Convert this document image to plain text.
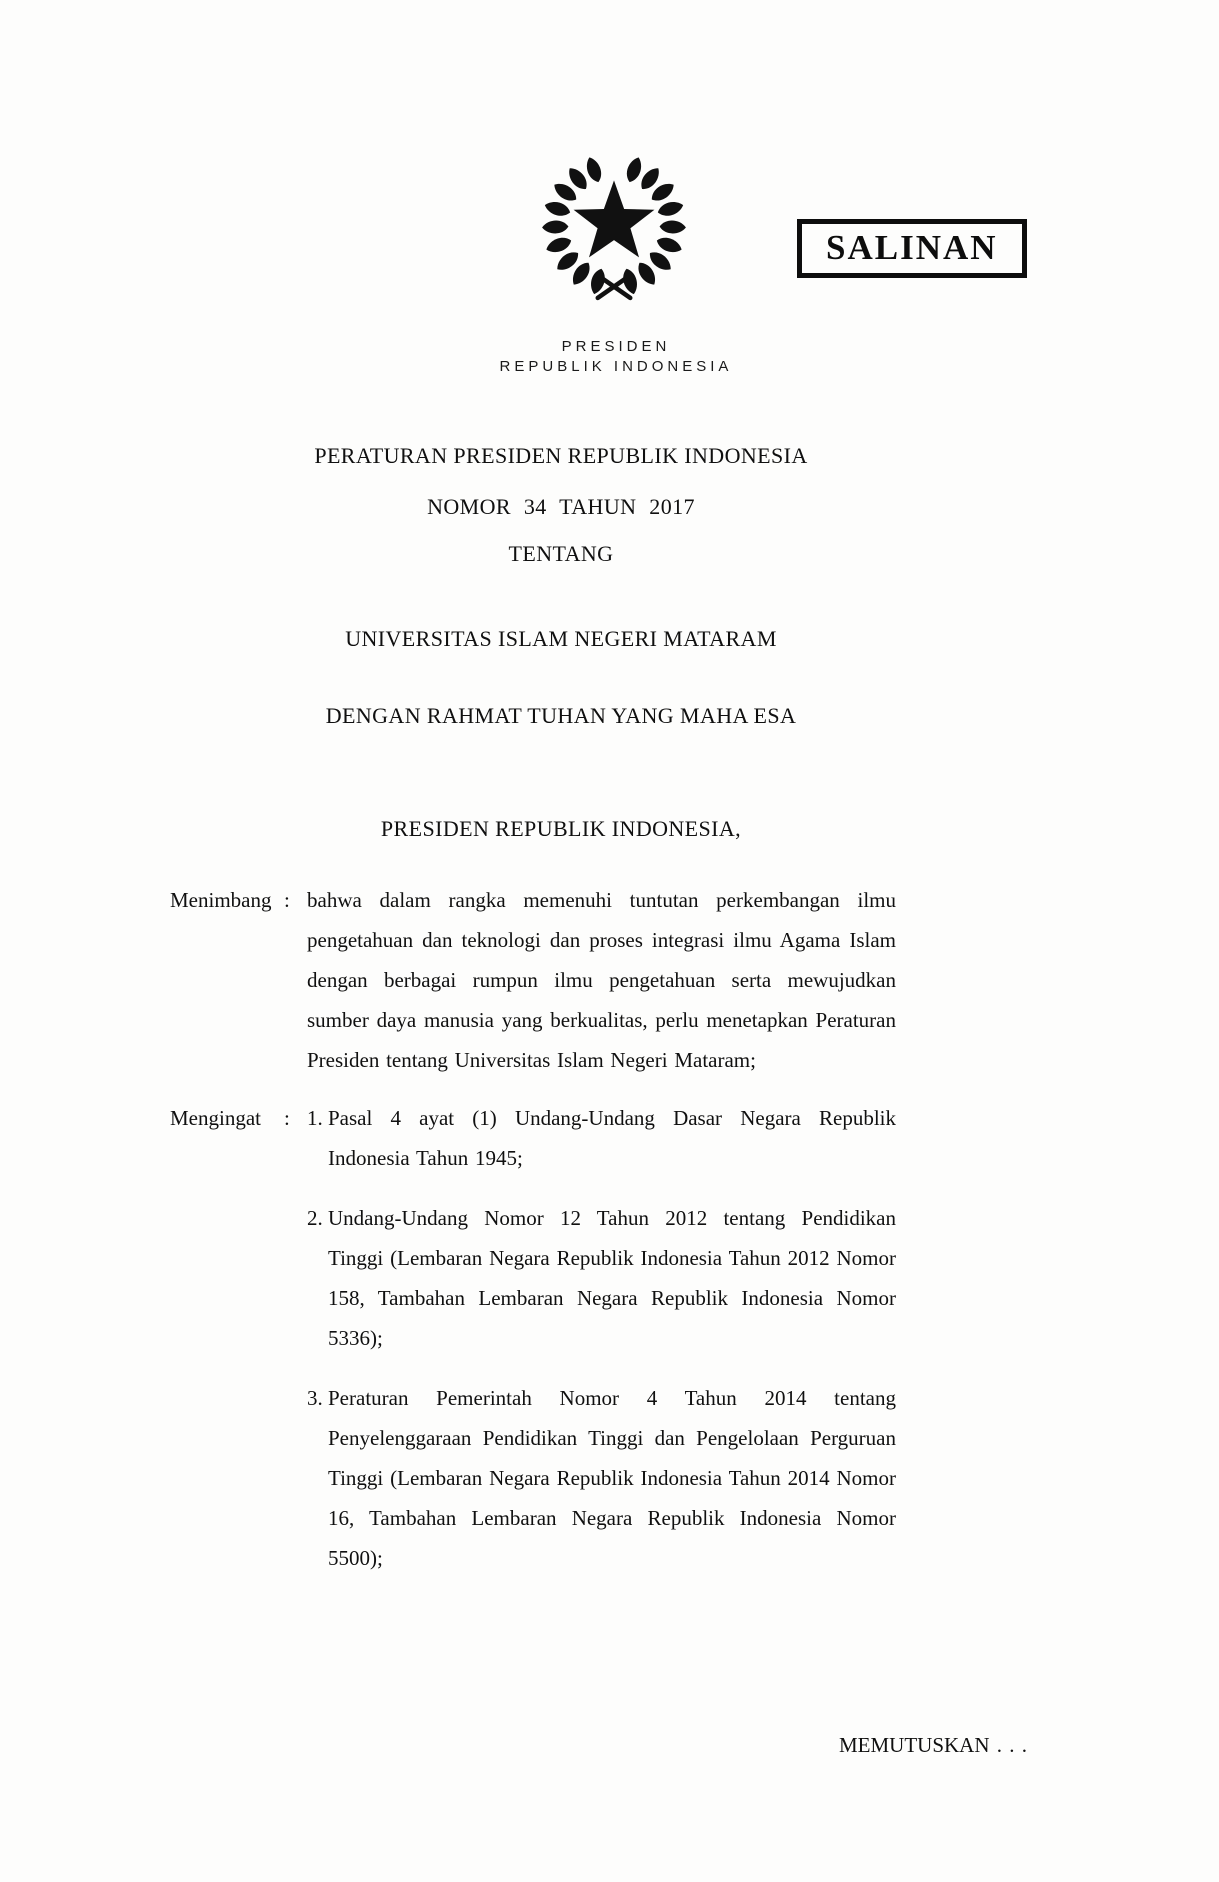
SALINAN
PRESIDEN
REPUBLIK INDONESIA
PERATURAN PRESIDEN REPUBLIK INDONESIA
NOMOR 34 TAHUN 2017
TENTANG
UNIVERSITAS ISLAM NEGERI MATARAM
DENGAN RAHMAT TUHAN YANG MAHA ESA
PRESIDEN REPUBLIK INDONESIA,
Menimbang : bahwa dalam rangka memenuhi tuntutan perkembangan ilmu pengetahuan dan teknologi dan proses integrasi ilmu Agama Islam dengan berbagai rumpun ilmu pengetahuan serta mewujudkan sumber daya manusia yang berkualitas, perlu menetapkan Peraturan Presiden tentang Universitas Islam Negeri Mataram;
Mengingat	: 1. Pasal 4 ayat (1) Undang-Undang Dasar Negara Republik Indonesia Tahun 1945;
2. Undang-Undang Nomor 12 Tahun 2012 tentang Pendidikan Tinggi (Lembaran Negara Republik Indonesia Tahun 2012 Nomor 158, Tambahan Lembaran Negara Republik Indonesia Nomor 5336);
3. Peraturan Pemerintah Nomor 4 Tahun 2014 tentang Penyelenggaraan Pendidikan Tinggi dan Pengelolaan Perguruan Tinggi (Lembaran Negara Republik Indonesia Tahun 2014 Nomor 16, Tambahan Lembaran Negara Republik Indonesia Nomor 5500);
MEMUTUSKAN . . .
